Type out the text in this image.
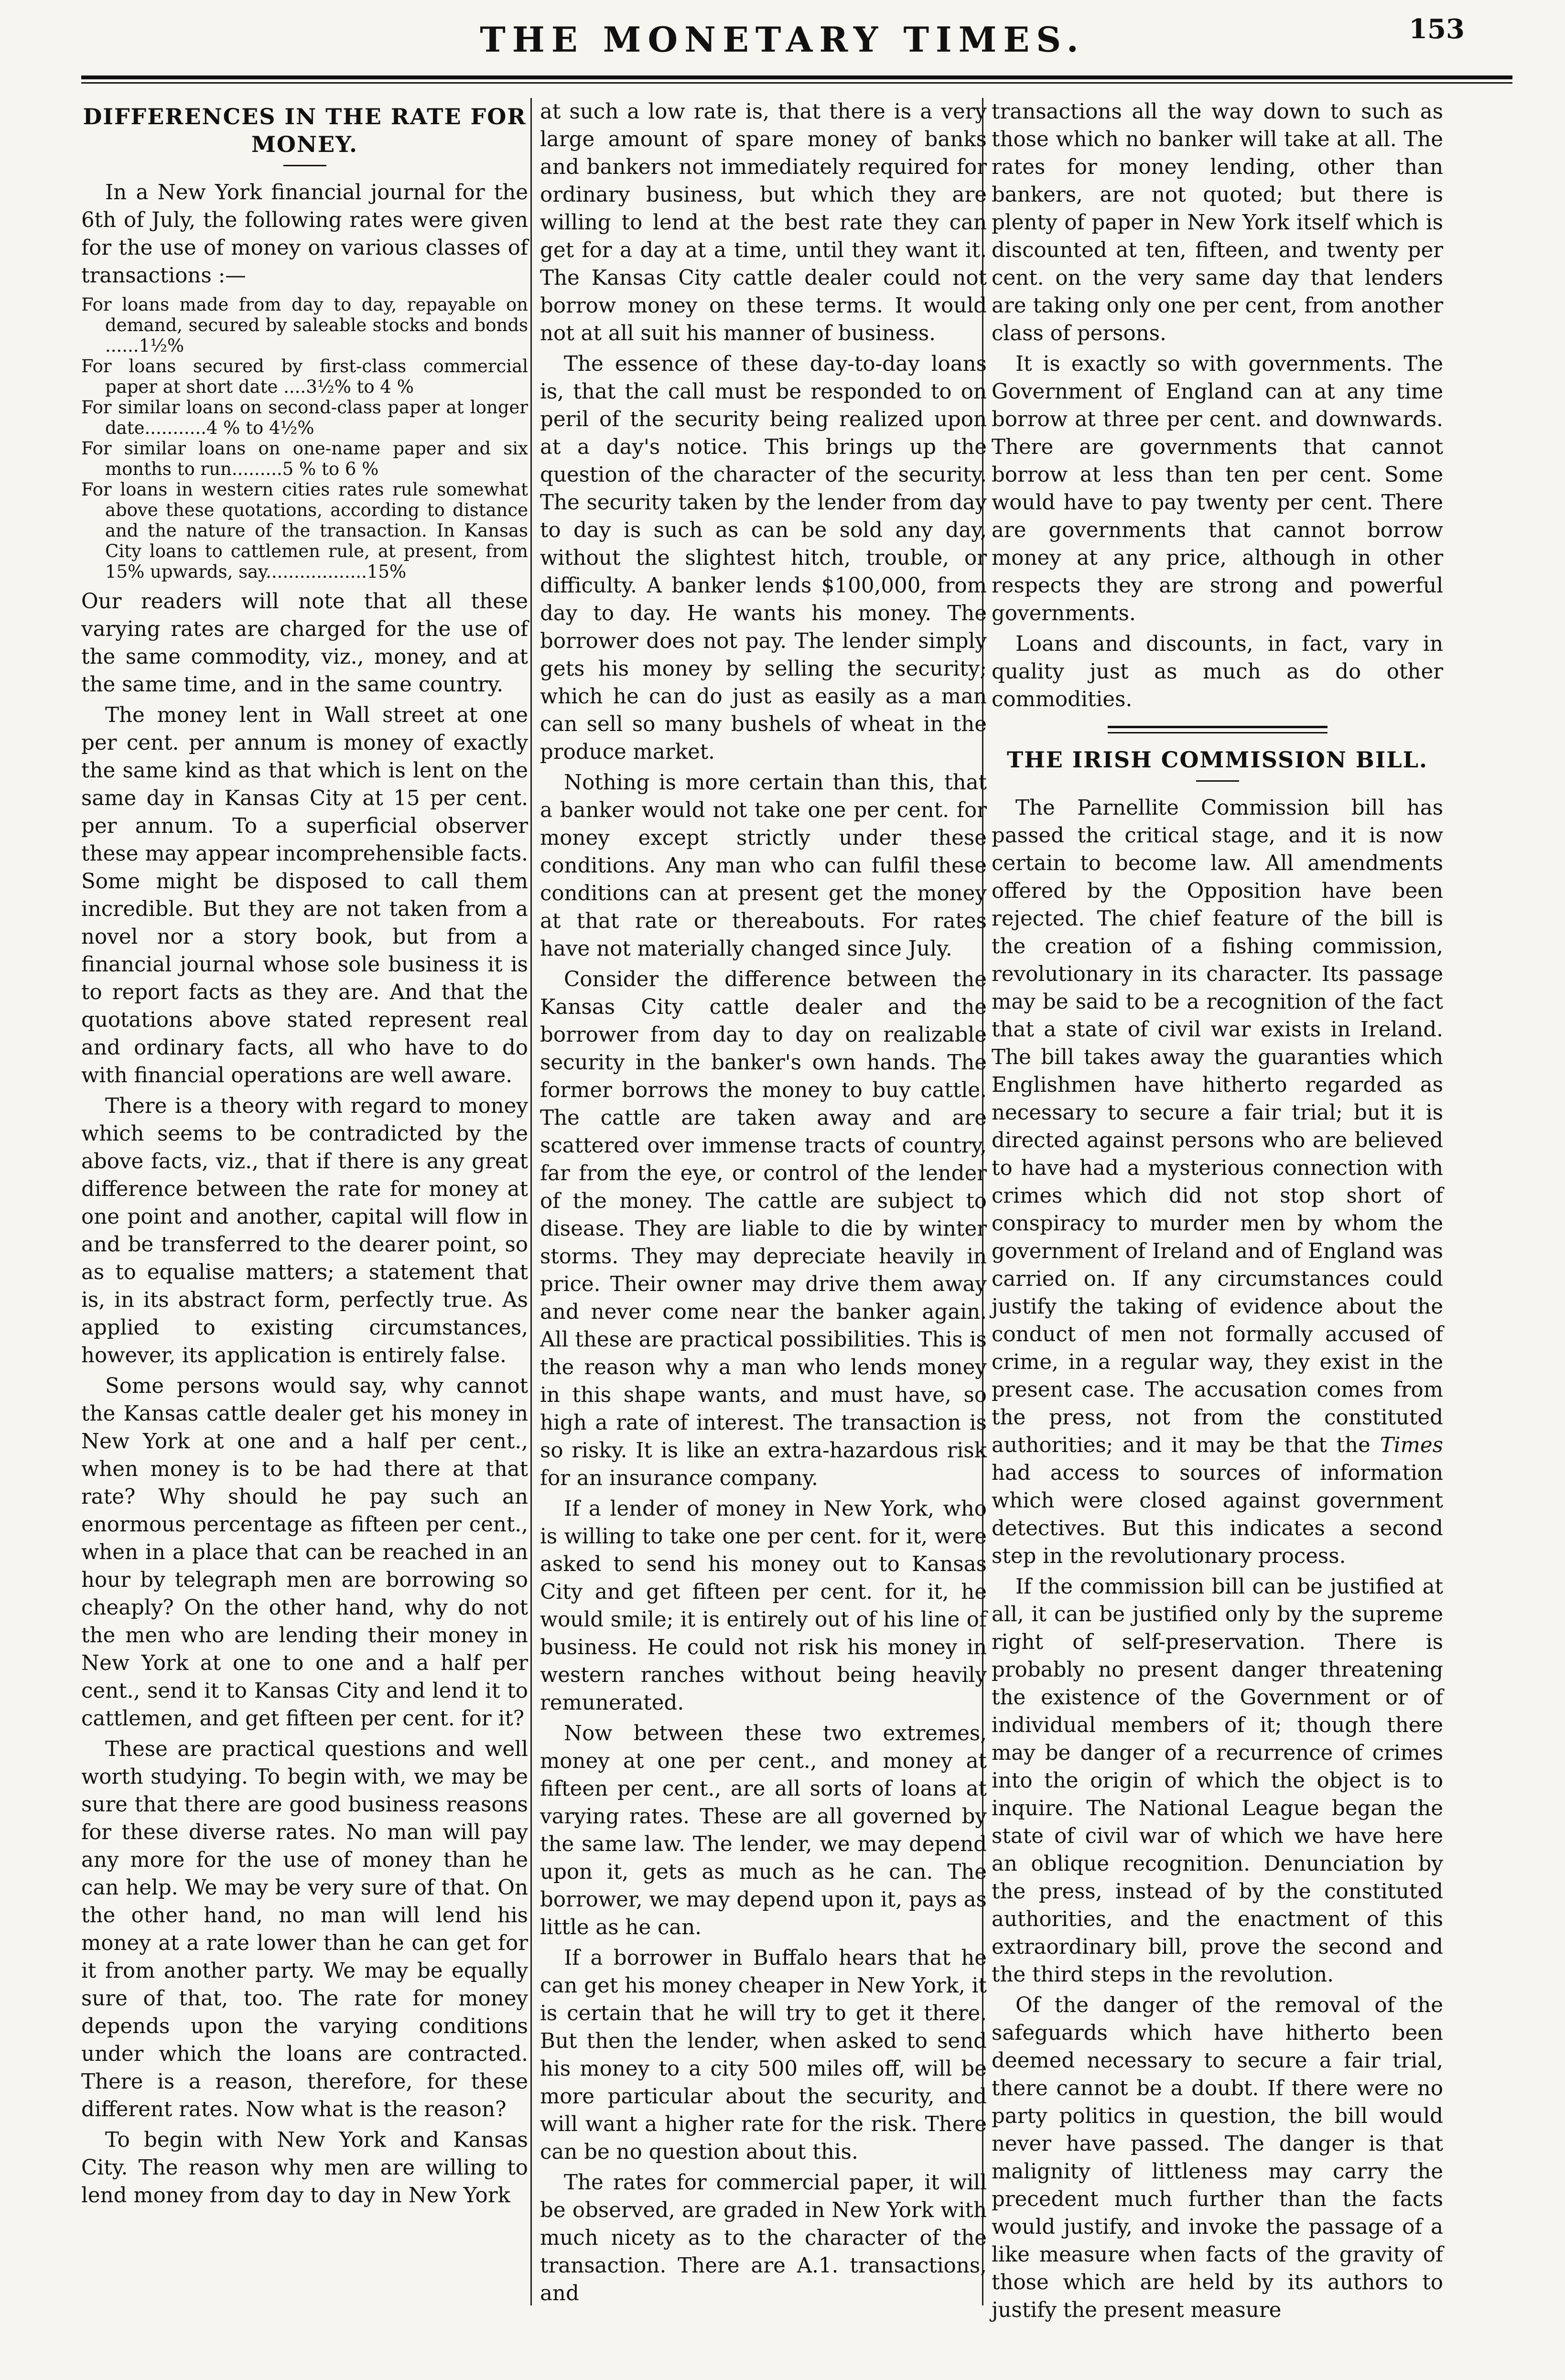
THE MONETARY TIMES.	153
DIFFERENCES IN THE RATE FOR MONEY.

In a New York financial journal for the 6th of July, the following rates were given for the use of money on various classes of transactions :—

For loans made from day to day, repayable on demand, secured by saleable stocks and bonds ......1½%
For loans secured by first-class commercial paper at short date ....3½% to 4 %
For similar loans on second-class paper at longer date...........4 % to 4½%
For similar loans on one-name paper and six months to run.........5 % to 6 %
For loans in western cities rates rule somewhat above these quotations, according to distance and the nature of the transaction. In Kansas City loans to cattlemen rule, at present, from 15% upwards, say..................15%

Our readers will note that all these varying rates are charged for the use of the same commodity, viz., money, and at the same time, and in the same country.

The money lent in Wall street at one per cent. per annum is money of exactly the same kind as that which is lent on the same day in Kansas City at 15 per cent. per annum. To a superficial observer these may appear incomprehensible facts. Some might be disposed to call them incredible. But they are not taken from a novel nor a story book, but from a financial journal whose sole business it is to report facts as they are. And that the quotations above stated represent real and ordinary facts, all who have to do with financial operations are well aware.

There is a theory with regard to money which seems to be contradicted by the above facts, viz., that if there is any great difference between the rate for money at one point and another, capital will flow in and be transferred to the dearer point, so as to equalise matters; a statement that is, in its abstract form, perfectly true. As applied to existing circumstances, however, its application is entirely false.

Some persons would say, why cannot the Kansas cattle dealer get his money in New York at one and a half per cent., when money is to be had there at that rate? Why should he pay such an enormous percentage as fifteen per cent., when in a place that can be reached in an hour by telegraph men are borrowing so cheaply? On the other hand, why do not the men who are lending their money in New York at one to one and a half per cent., send it to Kansas City and lend it to cattlemen, and get fifteen per cent. for it?

These are practical questions and well worth studying. To begin with, we may be sure that there are good business reasons for these diverse rates. No man will pay any more for the use of money than he can help. We may be very sure of that. On the other hand, no man will lend his money at a rate lower than he can get for it from another party. We may be equally sure of that, too. The rate for money depends upon the varying conditions under which the loans are contracted. There is a reason, therefore, for these different rates. Now what is the reason?

To begin with New York and Kansas City. The reason why men are willing to lend money from day to day in New York

at such a low rate is, that there is a very large amount of spare money of banks and bankers not immediately required for ordinary business, but which they are willing to lend at the best rate they can get for a day at a time, until they want it. The Kansas City cattle dealer could not borrow money on these terms. It would not at all suit his manner of business.

The essence of these day-to-day loans is, that the call must be responded to on peril of the security being realized upon at a day's notice. This brings up the question of the character of the security. The security taken by the lender from day to day is such as can be sold any day, without the slightest hitch, trouble, or difficulty. A banker lends $100,000, from day to day. He wants his money. The borrower does not pay. The lender simply gets his money by selling the security; which he can do just as easily as a man can sell so many bushels of wheat in the produce market.

Nothing is more certain than this, that a banker would not take one per cent. for money except strictly under these conditions. Any man who can fulfil these conditions can at present get the money at that rate or thereabouts. For rates have not materially changed since July.

Consider the difference between the Kansas City cattle dealer and the borrower from day to day on realizable security in the banker's own hands. The former borrows the money to buy cattle. The cattle are taken away and are scattered over immense tracts of country, far from the eye, or control of the lender of the money. The cattle are subject to disease. They are liable to die by winter storms. They may depreciate heavily in price. Their owner may drive them away and never come near the banker again. All these are practical possibilities. This is the reason why a man who lends money in this shape wants, and must have, so high a rate of interest. The transaction is so risky. It is like an extra-hazardous risk for an insurance company.

If a lender of money in New York, who is willing to take one per cent. for it, were asked to send his money out to Kansas City and get fifteen per cent. for it, he would smile; it is entirely out of his line of business. He could not risk his money in western ranches without being heavily remunerated.

Now between these two extremes, money at one per cent., and money at fifteen per cent., are all sorts of loans at varying rates. These are all governed by the same law. The lender, we may depend upon it, gets as much as he can. The borrower, we may depend upon it, pays as little as he can.

If a borrower in Buffalo hears that he can get his money cheaper in New York, it is certain that he will try to get it there. But then the lender, when asked to send his money to a city 500 miles off, will be more particular about the security, and will want a higher rate for the risk. There can be no question about this.

The rates for commercial paper, it will be observed, are graded in New York with much nicety as to the character of the transaction. There are A.1. transactions, and

transactions all the way down to such as those which no banker will take at all. The rates for money lending, other than bankers, are not quoted; but there is plenty of paper in New York itself which is discounted at ten, fifteen, and twenty per cent. on the very same day that lenders are taking only one per cent, from another class of persons.

It is exactly so with governments. The Government of England can at any time borrow at three per cent. and downwards. There are governments that cannot borrow at less than ten per cent. Some would have to pay twenty per cent. There are governments that cannot borrow money at any price, although in other respects they are strong and powerful governments.

Loans and discounts, in fact, vary in quality just as much as do other commodities.

THE IRISH COMMISSION BILL.

The Parnellite Commission bill has passed the critical stage, and it is now certain to become law. All amendments offered by the Opposition have been rejected. The chief feature of the bill is the creation of a fishing commission, revolutionary in its character. Its passage may be said to be a recognition of the fact that a state of civil war exists in Ireland. The bill takes away the guaranties which Englishmen have hitherto regarded as necessary to secure a fair trial; but it is directed against persons who are believed to have had a mysterious connection with crimes which did not stop short of conspiracy to murder men by whom the government of Ireland and of England was carried on. If any circumstances could justify the taking of evidence about the conduct of men not formally accused of crime, in a regular way, they exist in the present case. The accusation comes from the press, not from the constituted authorities; and it may be that the Times had access to sources of information which were closed against government detectives. But this indicates a second step in the revolutionary process.

If the commission bill can be justified at all, it can be justified only by the supreme right of self-preservation. There is probably no present danger threatening the existence of the Government or of individual members of it; though there may be danger of a recurrence of crimes into the origin of which the object is to inquire. The National League began the state of civil war of which we have here an oblique recognition. Denunciation by the press, instead of by the constituted authorities, and the enactment of this extraordinary bill, prove the second and the third steps in the revolution.

Of the danger of the removal of the safeguards which have hitherto been deemed necessary to secure a fair trial, there cannot be a doubt. If there were no party politics in question, the bill would never have passed. The danger is that malignity of littleness may carry the precedent much further than the facts would justify, and invoke the passage of a like measure when facts of the gravity of those which are held by its authors to justify the present measure
